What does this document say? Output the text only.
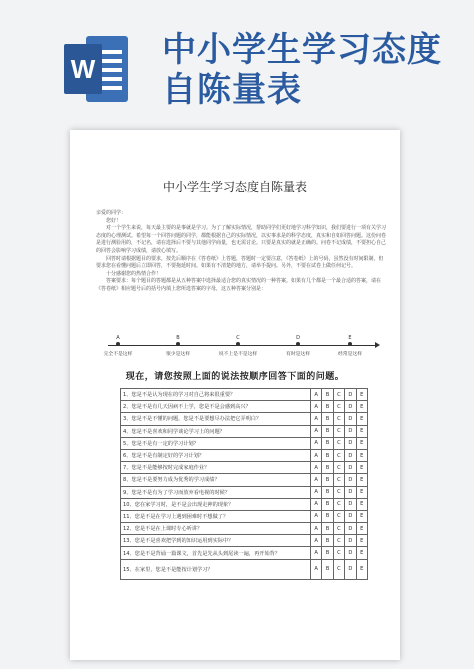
W 中小学生学习态度
自陈量表
中小学生学习态度自陈量表

亲爱的同学：

您好！

对一个学生来说，每天最主要的是事就是学习。为了了解实际情况，帮助同学们更好地学习科学知识，我们要进行一项有关学习态度的心理测试。希望每一个回答问题的同学，都能根据自己的实际情况，以实事求是的科学态度，真实和自如回答问题。这份问卷是进行测验用的，不记名，请在选择后不要与其他同学商量，也无需讨论。只要是真实的就是正确的。问卷不记成绩，不要担心自己的回答会影响学习成绩，请放心填写。

回答时请根据题目的要求，按先后顺序在《答卷纸》上答题，答题时一定要注意，《答卷纸》上的号码，虽然没有时间限制，但要求您在看懂问题后立即回答，不要拖延时间。如果有不清楚的地方，请举手提问。另外，不要在试卷上做任何记号。

十分感谢您的热情合作！

答案要求：每个题目的答题都是从五种答案中选择最适合您的真实情况的一种答案。如果有几个都是一个最合适的答案，请在《答卷纸》相应题号后的括号内填上您所选答案的字母，这五种答案分别是：

A
完全不是这样
B
很少是这样
C
说不上是不是这样
D
有时是这样
E
经常是这样
现在，请您按照上面的说法按顺序回答下面的问题。
1、您是不是认为现在的学习对自己将来很重要？	A	B	C	D	E
2、您是不是有几天因病不上学，您是不是会感到高兴？	A	B	C	D	E
3、您是不是不懂的问题，您是不是要想尽办法把它弄明白？	A	B	C	D	E
4、您是不是喜欢和同学谈论学习上的问题？	A	B	C	D	E
5、您是不是有一定的学习计划？	A	B	C	D	E
6、您是不是有制定好的学习计划？	A	B	C	D	E
7、您是不是能够按时完成家庭作业？	A	B	C	D	E
8、您是不是要努力成为优秀的学习成绩？	A	B	C	D	E
9、您是不是有为了学习而放弃看电视的时候？	A	B	C	D	E
10、您在家学习时，是不是会出现走神的现象？	A	B	C	D	E
11、您是不是在学习上遇到困难时不想做了？	A	B	C	D	E
12、您是不是在上课时专心听讲？	A	B	C	D	E
13、您是不是喜欢把学到的知识运用到实际中？	A	B	C	D	E
14、您是不是背诵一篇课文，首先是先从头到尾读一遍，再开始背？	A	B	C	D	E
15、在家里，您是不是能按计划学习？	A	B	C	D	E
